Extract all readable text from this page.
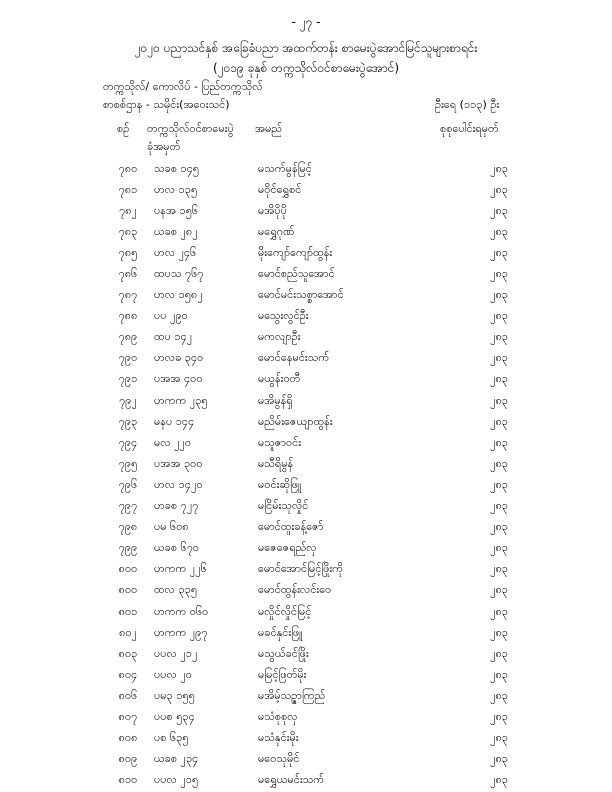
- ၂၇ -
၂၀၂၀ ပညာသင်နှစ် အခြေခံပညာ အထက်တန်း စာမေးပွဲအောင်မြင်သူများစာရင်း
(၂၀၁၉ ခုနှစ် တက္ကသိုလ်ဝင်စာမေးပွဲအောင်)
တက္ကသိုလ်/ ကောလိပ် - ပြည်တက္ကသိုလ်
စာစစ်ဌာန - သမိုင်း(အဝေးသင်)	ဦးရေ (၁၁၃) ဦး
စဉ် တက္ကသိုလ်ဝင်စာမေးပွဲ
ခုံအမှတ်
အမည်	စုစုပေါင်းရမှတ်
၇၈၀	သခစ ၁၄၅	မသက်မွန်မြင့်	၂၈၃
၇၈၁	ဟလ ၁၃၅	မဝိုင်ရွှေစင်	၂၈၃
၇၈၂	ပနအ ၁၅၆	မအိပိုပို	၂၈၃
၇၈၃	ယခစ ၂၈၂	မရွှေဂုဏ်	၂၈၃
၇၈၅	ဟလ ၂၄၆	မိုးကျော်ကျော်ထွန်း	၂၈၃
၇၈၆	ထပသ ၇၆၇	မောင်စည်သူအောင်	၂၈၃
၇၈၇	ဟလ ၁၅၈၂	မောင်မင်းသစ္စာအောင်	၂၈၃
၇၈၈	ပပ ၂၉၀	မသွေးလွင်ဦး	၂၈၃
၇၈၉	ထပ ၁၄၂	မကလျာဦး	၂၈၃
၇၉၀	ဟလခ ၃၄၀	မောင်နေမင်းသက်	၂၈၃
၇၉၁	ပအအ ၄၀၀	မယွန်းဝတီ	၂၈၃
၇၉၂	ဟကက ၂၃၅	မအိမွန်ရှိ	၂၈၃
၇၉၃	မနပ ၁၄၄	မညိမ်းဇေယျာထွန်း	၂၈၃
၇၉၄	မလ ၂၂၀	မသူဇာဝင်း	၂၈၃
၇၉၅	ပအအ ၃၀၀	မသီရိမွန်	၂၈၃
၇၉၆	ဟလ ၁၄၂၀	မဝင်းဆိုဖြူ	၂၈၃
၇၉၇	ဟခစ ၇၂၇	မငြိမ်းသုလှိုင်	၂၈၃
၇၉၈	ပမ ၆၀၈	မောင်ထူးခန့်ဇော်	၂၈၃
၇၉၉	ယခစ ၆၇၀	မဇေဇေရည်လှ	၂၈၃
၈၀၀	ဟကက ၂၂၆	မောင်အောင်မြင့်ဖြိုးကို	၂၈၃
၈၀၀	ထလ ၃၃၅	မောင်ထွန်းလင်းဝေ	၂၈၃
၈၀၁	ဟကက ၀၆၀	မလှိုင်လှိုင်မြင့်	၂၈၃
၈၀၂	ဟကက ၂၉၇	မခင်နှင်းဖြူ	၂၈၃
၈၀၃	ပပလ ၂၁၂	မသွယ်ခင်ဖြိုး	၂၈၃
၈၀၄	ပပလ ၂၀	မမြင့်ဖြတ်မိုး	၂၈၃
၈၀၆	ပမ၃ ၁၅၅	မအိမ့်သဉ္ဇာကြည်	၂၈၃
၈၀၇	ပပစ ၅၃၄	မသံစုစုလှ	၂၈၃
၈၀၈	ပစ ၆၃၅	မသံနှင်းမိုး	၂၈၃
၈၀၉	ယခစ ၂၃၄	မဝေသုမိုင်	၂၈၃
၈၁၀	ပပလ ၂၁၅	မရွှေယမင်းသက်	၂၈၃
